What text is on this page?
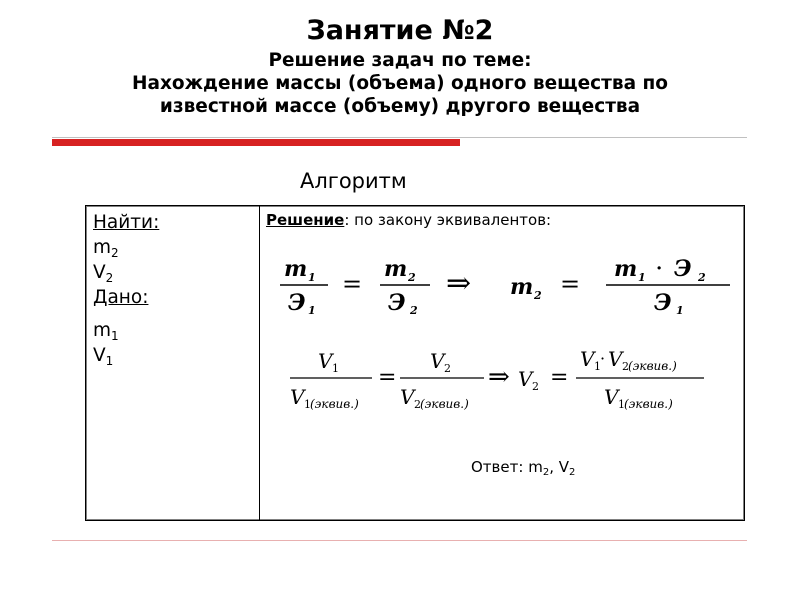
Занятие №2
Решение задач по теме:
Нахождение массы (объема) одного вещества по
известной массе (объему) другого вещества
Алгоритм
Найти:
$m_2$
$V_2$
Дано:
$m_1$
$V_1$
Решение: по закону эквивалентов:
m 1
Э 1
=
m 2
Э 2
⇒ m 2 =
m 1 · Э 2
Э 1
V 1
V 1 (эквив.)
=
V 2
V 2 (эквив.)
⇒ V 2 =
V 1 · V 2 (эквив.)
V 1 (эквив.)
Ответ: $m_2$, $V_2$
